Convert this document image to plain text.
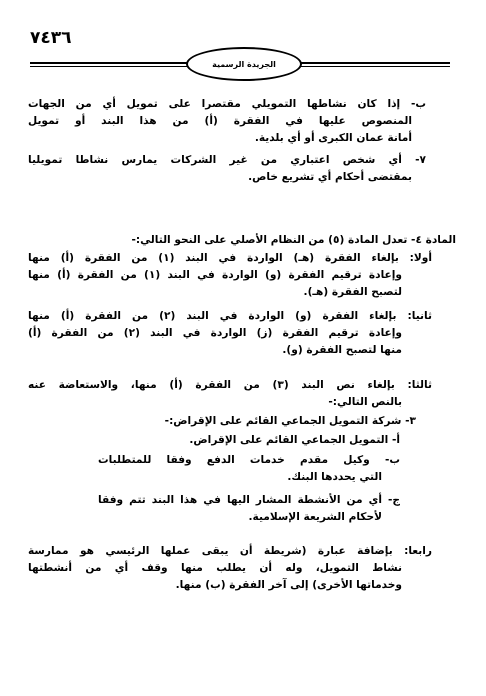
٧٤٣٦
الجريدة الرسمية
ب- إذا كان نشاطها التمويلي مقتصرا على تمويل أي من الجهات
المنصوص عليها في الفقرة (أ) من هذا البند أو تمويل
أمانة عمان الكبرى أو أي بلدية.
٧- أي شخص اعتباري من غير الشركات يمارس نشاطا تمويليا
بمقتضى أحكام أي تشريع خاص.
المادة ٤- تعدل المادة (٥) من النظام الأصلي على النحو التالي:-
أولا: بإلغاء الفقرة (هـ) الواردة في البند (١) من الفقرة (أ) منها
وإعادة ترقيم الفقرة (و) الواردة في البند (١) من الفقرة (أ) منها
لتصبح الفقرة (هـ).
ثانيا: بإلغاء الفقرة (و) الواردة في البند (٢) من الفقرة (أ) منها
وإعادة ترقيم الفقرة (ز) الواردة في البند (٢) من الفقرة (أ)
منها لتصبح الفقرة (و).
ثالثا: بإلغاء نص البند (٣) من الفقرة (أ) منها، والاستعاضة عنه
بالنص التالي:-
٣- شركة التمويل الجماعي القائم على الإقراض:-
أ- التمويل الجماعي القائم على الإقراض.
ب- وكيل مقدم خدمات الدفع وفقا للمتطلبات
التي يحددها البنك.
ج- أي من الأنشطة المشار اليها في هذا البند تتم وفقا
لأحكام الشريعة الإسلامية.
رابعا: بإضافة عبارة (شريطة أن يبقى عملها الرئيسي هو ممارسة
نشاط التمويل، وله أن يطلب منها وقف أي من أنشطتها
وخدماتها الأخرى) إلى آخر الفقرة (ب) منها.
